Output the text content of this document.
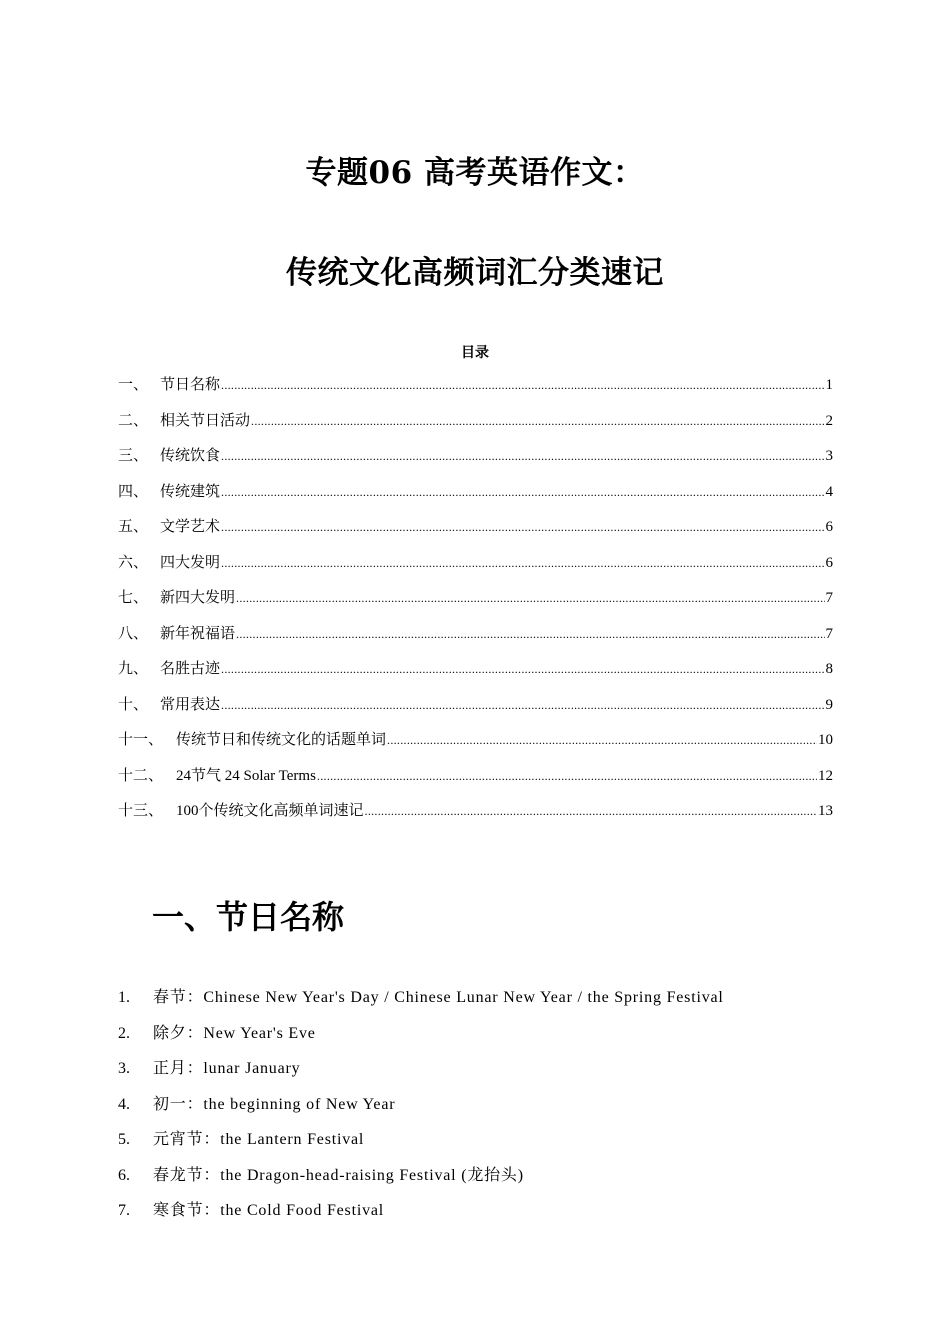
专题06 高考英语作文：
传统文化高频词汇分类速记
目录
一、 节日名称 .....	1
二、 相关节日活动 .....	2
三、 传统饮食 .....	3
四、 传统建筑 .....	4
五、 文学艺术 .....	6
六、 四大发明 .....	6
七、 新四大发明 .....	7
八、 新年祝福语 .....	7
九、 名胜古迹 .....	8
十、 常用表达 .....	9
十一、 传统节日和传统文化的话题单词 .....	10
十二、 24节气 24 Solar Terms .....	12
十三、 100个传统文化高频单词速记 .....	13
一、节日名称
1. 春节：Chinese New Year's Day / Chinese Lunar New Year / the Spring Festival
2. 除夕：New Year's Eve
3. 正月：lunar January
4. 初一：the beginning of New Year
5. 元宵节：the Lantern Festival
6. 春龙节：the Dragon-head-raising Festival (龙抬头)
7. 寒食节：the Cold Food Festival
